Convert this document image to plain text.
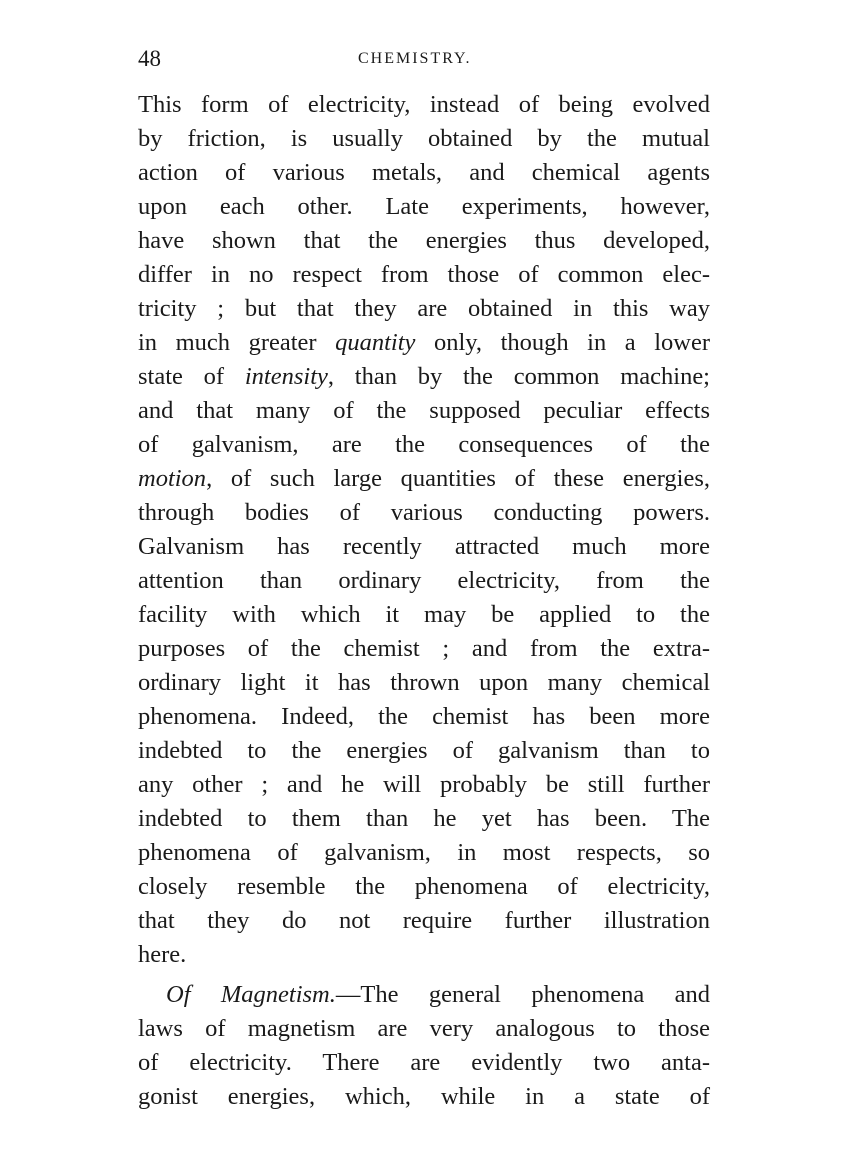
48	CHEMISTRY.
This form of electricity, instead of being evolved
by friction, is usually obtained by the mutual
action of various metals, and chemical agents
upon each other. Late experiments, however,
have shown that the energies thus developed,
differ in no respect from those of common elec-
tricity ; but that they are obtained in this way
in much greater quantity only, though in a lower
state of intensity, than by the common machine;
and that many of the supposed peculiar effects
of galvanism, are the consequences of the
motion, of such large quantities of these energies,
through bodies of various conducting powers.
Galvanism has recently attracted much more
attention than ordinary electricity, from the
facility with which it may be applied to the
purposes of the chemist ; and from the extra-
ordinary light it has thrown upon many chemical
phenomena. Indeed, the chemist has been more
indebted to the energies of galvanism than to
any other ; and he will probably be still further
indebted to them than he yet has been. The
phenomena of galvanism, in most respects, so
closely resemble the phenomena of electricity,
that they do not require further illustration
here.
Of Magnetism.—The general phenomena and
laws of magnetism are very analogous to those
of electricity. There are evidently two anta-
gonist energies, which, while in a state of
